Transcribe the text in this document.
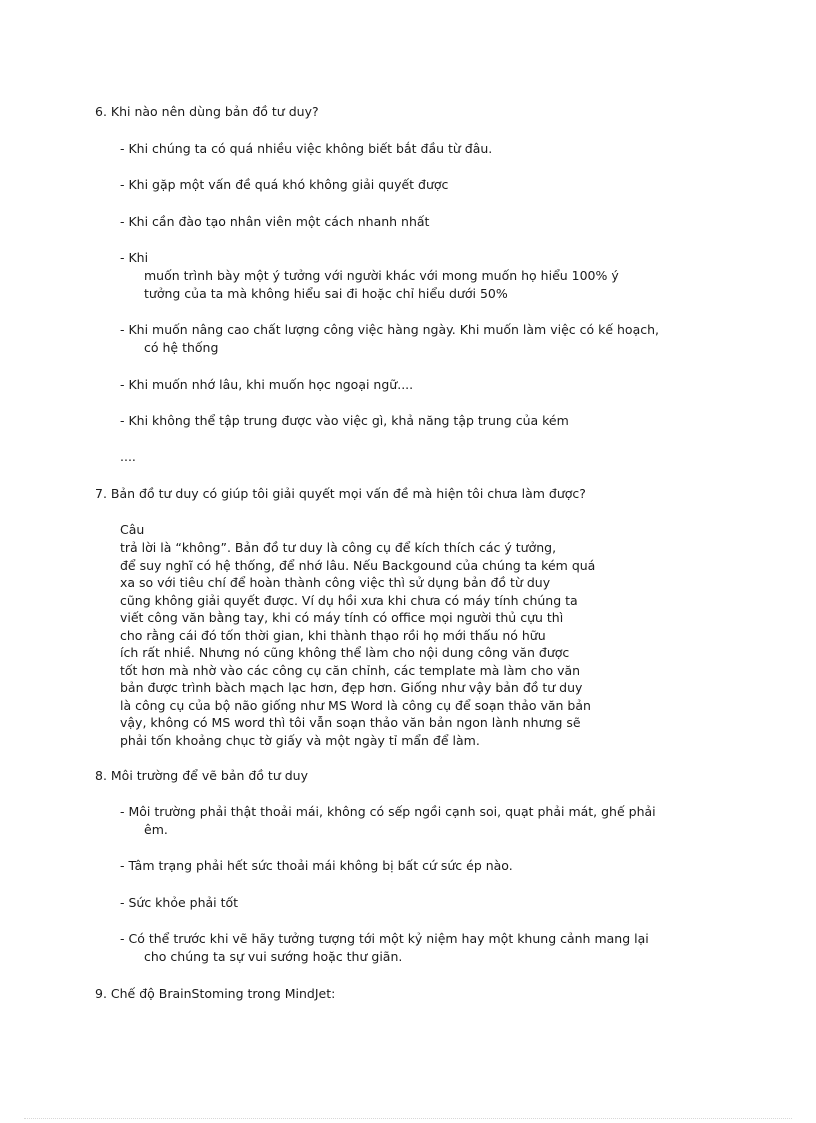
6. Khi nào nên dùng bản đồ tư duy?
- Khi chúng ta có quá nhiều việc không biết bắt đầu từ đâu.
- Khi gặp một vấn đề quá khó không giải quyết được
- Khi cần đào tạo nhân viên một cách nhanh nhất
- Khi
muốn trình bày một ý tưởng với người khác với mong muốn họ hiểu 100% ý
tưởng của ta mà không hiểu sai đi hoặc chỉ hiểu dưới 50%
- Khi muốn nâng cao chất lượng công việc hàng ngày. Khi muốn làm việc có kế hoạch,
có hệ thống
- Khi muốn nhớ lâu, khi muốn học ngoại ngữ....
- Khi không thể tập trung được vào việc gì, khả năng tập trung của kém
....
7. Bản đồ tư duy có giúp tôi giải quyết mọi vấn đề mà hiện tôi chưa làm được?
Câu
trả lời là “không”. Bản đồ tư duy là công cụ để kích thích các ý tưởng,
để suy nghĩ có hệ thống, để nhớ lâu. Nếu Backgound của chúng ta kém quá
xa so với tiêu chí để hoàn thành công việc thì sử dụng bản đồ từ duy
cũng không giải quyết được. Ví dụ hồi xưa khi chưa có máy tính chúng ta
viết công văn bằng tay, khi có máy tính có office mọi người thủ cựu thì
cho rằng cái đó tốn thời gian, khi thành thạo rồi họ mới thấu nó hữu
ích rất nhiề. Nhưng nó cũng không thể làm cho nội dung công văn được
tốt hơn mà nhờ vào các công cụ căn chỉnh, các template mà làm cho văn
bản được trình bàch mạch lạc hơn, đẹp hơn. Giống như vậy bản đồ tư duy
là công cụ của bộ não giống như MS Word là công cụ để soạn thảo văn bản
vậy, không có MS word thì tôi vẫn soạn thảo văn bản ngon lành nhưng sẽ
phải tốn khoảng chục tờ giấy và một ngày tỉ mẩn để làm.
8. Môi trường để vẽ bản đồ tư duy
- Môi trường phải thật thoải mái, không có sếp ngồi cạnh soi, quạt phải mát, ghế phải
êm.
- Tâm trạng phải hết sức thoải mái không bị bất cứ sức ép nào.
- Sức khỏe phải tốt
- Có thể trước khi vẽ hãy tưởng tượng tới một kỷ niệm hay một khung cảnh mang lại
cho chúng ta sự vui sướng hoặc thư giãn.
9. Chế độ BrainStoming trong MindJet:
